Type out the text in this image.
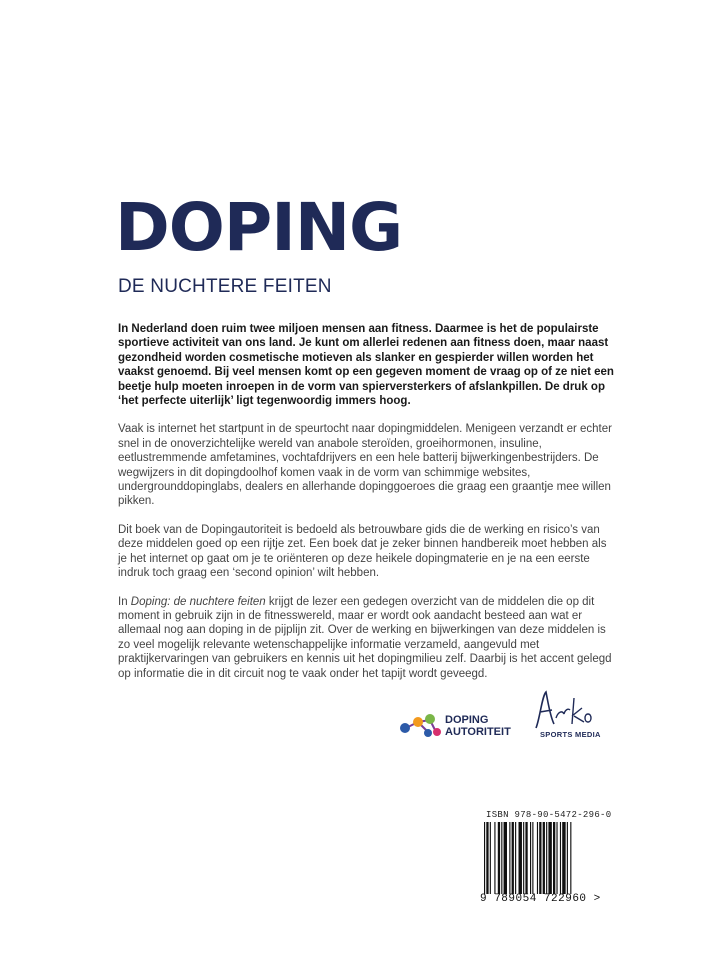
DOPING
DE NUCHTERE FEITEN

In Nederland doen ruim twee miljoen mensen aan fitness. Daarmee is het de populairste sportieve activiteit van ons land. Je kunt om allerlei redenen aan fitness doen, maar naast gezondheid worden cosmetische motieven als slanker en gespierder willen worden het vaakst genoemd. Bij veel mensen komt op een gegeven moment de vraag op of ze niet een beetje hulp moeten inroepen in de vorm van spierversterkers of afslankpillen. De druk op ‘het perfecte uiterlijk’ ligt tegenwoordig immers hoog.

Vaak is internet het startpunt in de speurtocht naar dopingmiddelen. Menigeen verzandt er echter snel in de onoverzichtelijke wereld van anabole steroïden, groeihormonen, insuline, eetlustremmende amfetamines, vochtafdrijvers en een hele batterij bijwerkingenbestrijders. De wegwijzers in dit dopingdoolhof komen vaak in de vorm van schimmige websites, undergrounddopinglabs, dealers en allerhande dopinggoeroes die graag een graantje mee willen pikken.

Dit boek van de Dopingautoriteit is bedoeld als betrouwbare gids die de werking en risico’s van deze middelen goed op een rijtje zet. Een boek dat je zeker binnen handbereik moet hebben als je het internet op gaat om je te oriënteren op deze heikele dopingmaterie en je na een eerste indruk toch graag een ‘second opinion’ wilt hebben.

In Doping: de nuchtere feiten krijgt de lezer een gedegen overzicht van de middelen die op dit moment in gebruik zijn in de fitnesswereld, maar er wordt ook aandacht besteed aan wat er allemaal nog aan doping in de pijplijn zit. Over de werking en bijwerkingen van deze middelen is zo veel mogelijk relevante wetenschappelijke informatie verzameld, aangevuld met praktijkervaringen van gebruikers en kennis uit het dopingmilieu zelf. Daarbij is het accent gelegd op informatie die in dit circuit nog te vaak onder het tapijt wordt geveegd.

DOPING
AUTORITEIT	SPORTS MEDIA
ISBN 978-90-5472-296-0
9 789054 722960 >
